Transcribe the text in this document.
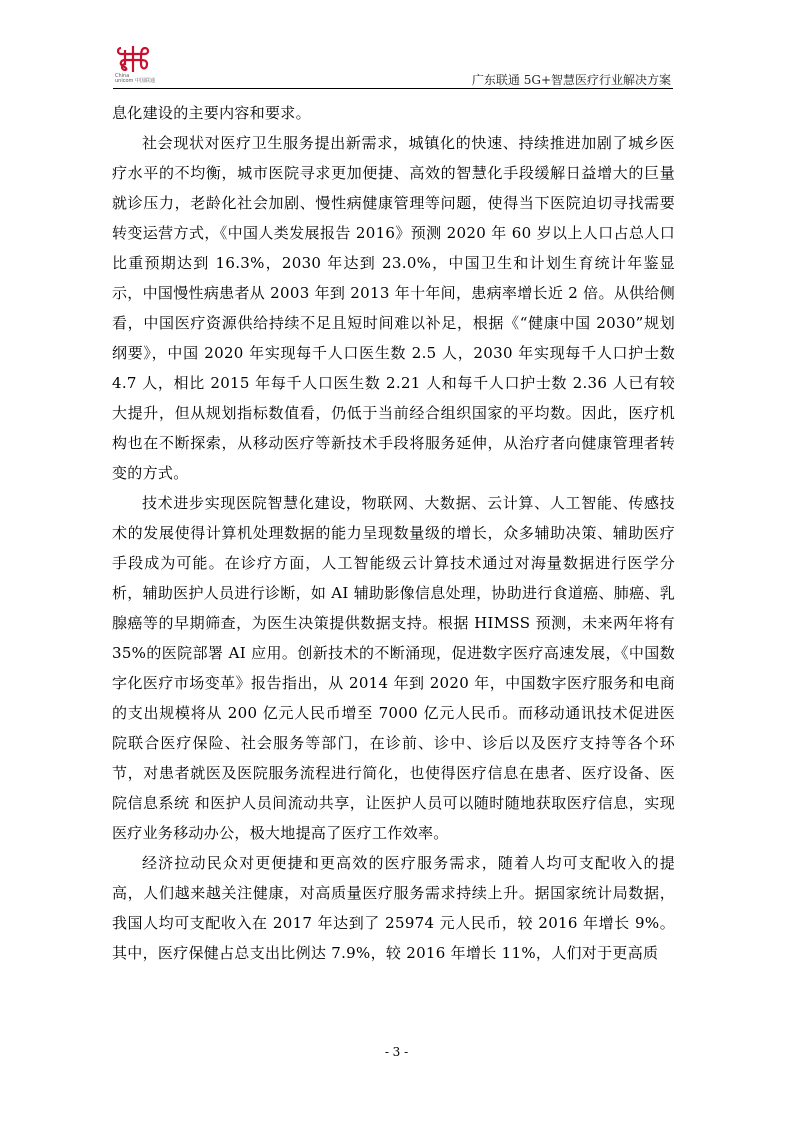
China
unicom 中国联通	广东联通 5G+智慧医疗行业解决方案

息化建设的主要内容和要求。

社会现状对医疗卫生服务提出新需求，城镇化的快速、持续推进加剧了城乡医疗水平的不均衡，城市医院寻求更加便捷、高效的智慧化手段缓解日益增大的巨量就诊压力，老龄化社会加剧、慢性病健康管理等问题，使得当下医院迫切寻找需要转变运营方式，《中国人类发展报告 2016》预测 2020 年 60 岁以上人口占总人口比重预期达到 16.3%，2030 年达到 23.0%，中国卫生和计划生育统计年鉴显示，中国慢性病患者从 2003 年到 2013 年十年间，患病率增长近 2 倍。从供给侧看，中国医疗资源供给持续不足且短时间难以补足，根据《“健康中国 2030”规划纲要》，中国 2020 年实现每千人口医生数 2.5 人，2030 年实现每千人口护士数 4.7 人，相比 2015 年每千人口医生数 2.21 人和每千人口护士数 2.36 人已有较大提升，但从规划指标数值看，仍低于当前经合组织国家的平均数。因此，医疗机构也在不断探索，从移动医疗等新技术手段将服务延伸，从治疗者向健康管理者转变的方式。

技术进步实现医院智慧化建设，物联网、大数据、云计算、人工智能、传感技术的发展使得计算机处理数据的能力呈现数量级的增长，众多辅助决策、辅助医疗手段成为可能。在诊疗方面，人工智能级云计算技术通过对海量数据进行医学分析，辅助医护人员进行诊断，如 AI 辅助影像信息处理，协助进行食道癌、肺癌、乳腺癌等的早期筛查，为医生决策提供数据支持。根据 HIMSS 预测，未来两年将有 35%的医院部署 AI 应用。创新技术的不断涌现，促进数字医疗高速发展，《中国数字化医疗市场变革》报告指出，从 2014 年到 2020 年，中国数字医疗服务和电商的支出规模将从 200 亿元人民币增至 7000 亿元人民币。而移动通讯技术促进医院联合医疗保险、社会服务等部门，在诊前、诊中、诊后以及医疗支持等各个环节，对患者就医及医院服务流程进行简化，也使得医疗信息在患者、医疗设备、医院信息系统 和医护人员间流动共享，让医护人员可以随时随地获取医疗信息，实现医疗业务移动办公，极大地提高了医疗工作效率。

经济拉动民众对更便捷和更高效的医疗服务需求，随着人均可支配收入的提高，人们越来越关注健康，对高质量医疗服务需求持续上升。据国家统计局数据，我国人均可支配收入在 2017 年达到了 25974 元人民币，较 2016 年增长 9%。其中，医疗保健占总支出比例达 7.9%，较 2016 年增长 11%，人们对于更高质

- 3 -
